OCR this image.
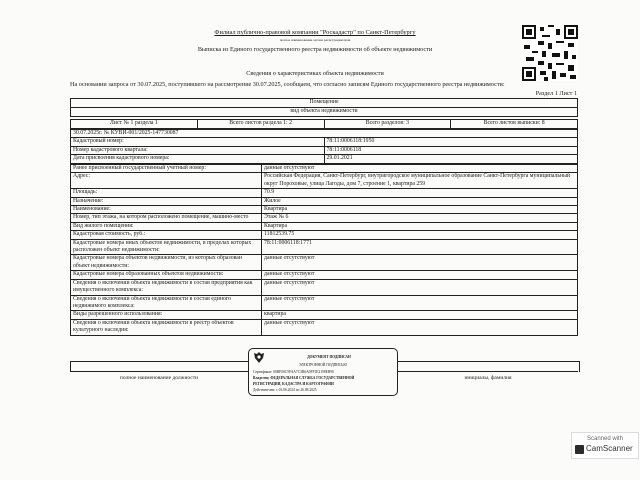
Филиал публично-правовой компании "Роскадастр" по Санкт-Петербургу
полное наименование органа регистрации прав
Выписка из Единого государственного реестра недвижимости об объекте недвижимости
Сведения о характеристиках объекта недвижимости
На основании запроса от 30.07.2025, поступившего на рассмотрение 30.07.2025, сообщаем, что согласно записям Единого государственного реестра недвижимости:
Раздел 1 Лист 1
Помещение
вид объекта недвижимости
Лист № 1 раздела 1	Всего листов раздела 1: 2	Всего разделов: 3	Всего листов выписки: 8
30.07.2025г. № КУВИ-001/2025-147730087	
Кадастровый номер:	78:11:0006118:1950
Номер кадастрового квартала:	78:11:0006118
Дата присвоения кадастрового номера:	29.01.2021
Ранее присвоенный государственный учетный номер:	данные отсутствуют
Адрес:	Российская Федерация, Санкт-Петербург, внутригородское муниципальное образование Санкт-Петербурга муниципальный округ Пороховые, улица Лагоды, дом 7, строение 1, квартира 259
Площадь:	70.9
Назначение:	Жилое
Наименование:	Квартира
Номер, тип этажа, на котором расположено помещение, машино-место	Этаж № 6
Вид жилого помещения:	Квартира
Кадастровая стоимость, руб.:	11812539.75
Кадастровые номера иных объектов недвижимости, в пределах которых расположен объект недвижимости:	78:11:0006118:1771
Кадастровые номера объектов недвижимости, из которых образован объект недвижимости:	данные отсутствуют
Кадастровые номера образованных объектов недвижимости:	данные отсутствуют
Сведения о включении объекта недвижимости в состав предприятия как имущественного комплекса:	данные отсутствуют
Сведения о включении объекта недвижимости в состав единого недвижимого комплекса:	данные отсутствуют
Виды разрешенного использования:	квартира
Сведения о включении объекта недвижимости в реестр объектов культурного наследия:	данные отсутствуют
полное наименование должности	инициалы, фамилия
ДОКУМЕНТ ПОДПИСАН
ЭЛЕКТРОННОЙ ПОДПИСЬЮ
Сертификат: 00BF00C5FAA7C3B6A0FF1E2198EB90
Владелец: ФЕДЕРАЛЬНАЯ СЛУЖБА ГОСУДАРСТВЕННОЙ
РЕГИСТРАЦИИ, КАДАСТРА И КАРТОГРАФИИ
Действителен: с 03.06.2024 по 26.08.2025
Scanned with
CamScanner
